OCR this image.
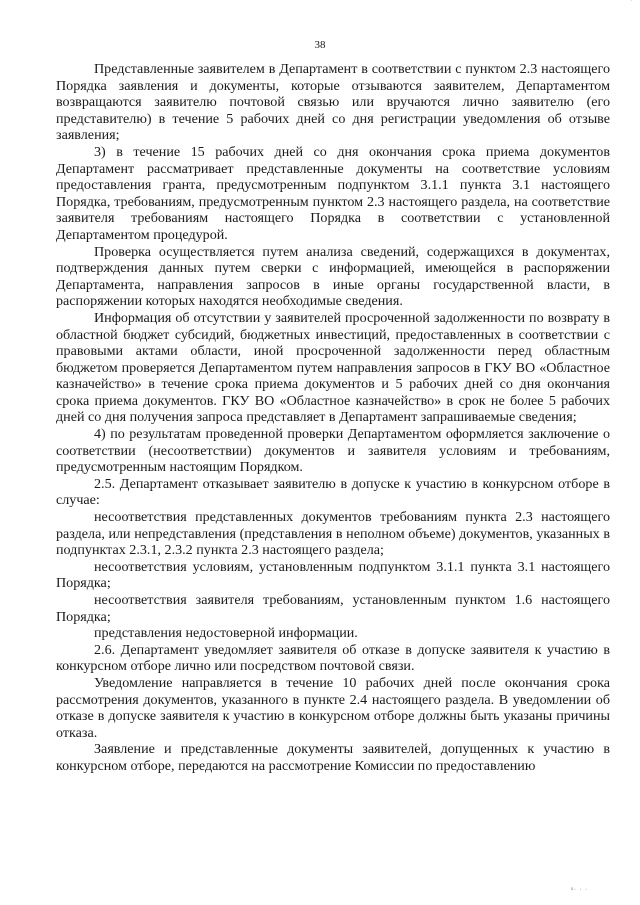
'
38

Представленные заявителем в Департамент в соответствии с пунктом 2.3 настоящего Порядка заявления и документы, которые отзываются заявителем, Департаментом возвращаются заявителю почтовой связью или вручаются лично заявителю (его представителю) в течение 5 рабочих дней со дня регистрации уведомления об отзыве заявления;

3) в течение 15 рабочих дней со дня окончания срока приема документов Департамент рассматривает представленные документы на соответствие условиям предоставления гранта, предусмотренным подпунктом 3.1.1 пункта 3.1 настоящего Порядка, требованиям, предусмотренным пунктом 2.3 настоящего раздела, на соответствие заявителя требованиям настоящего Порядка в соответствии с установленной Департаментом процедурой.

Проверка осуществляется путем анализа сведений, содержащихся в документах, подтверждения данных путем сверки с информацией, имеющейся в распоряжении Департамента, направления запросов в иные органы государственной власти, в распоряжении которых находятся необходимые сведения.

Информация об отсутствии у заявителей просроченной задолженности по возврату в областной бюджет субсидий, бюджетных инвестиций, предоставленных в соответствии с правовыми актами области, иной просроченной задолженности перед областным бюджетом проверяется Департаментом путем направления запросов в ГКУ ВО «Областное казначейство» в течение срока приема документов и 5 рабочих дней со дня окончания срока приема документов. ГКУ ВО «Областное казначейство» в срок не более 5 рабочих дней со дня получения запроса представляет в Департамент запрашиваемые сведения;

4) по результатам проведенной проверки Департаментом оформляется заключение о соответствии (несоответствии) документов и заявителя условиям и требованиям, предусмотренным настоящим Порядком.

2.5. Департамент отказывает заявителю в допуске к участию в конкурсном отборе в случае:

несоответствия представленных документов требованиям пункта 2.3 настоящего раздела, или непредставления (представления в неполном объеме) документов, указанных в подпунктах 2.3.1, 2.3.2 пункта 2.3 настоящего раздела;

несоответствия условиям, установленным подпунктом 3.1.1 пункта 3.1 настоящего Порядка;

несоответствия заявителя требованиям, установленным пунктом 1.6 настоящего Порядка;

представления недостоверной информации.

2.6. Департамент уведомляет заявителя об отказе в допуске заявителя к участию в конкурсном отборе лично или посредством почтовой связи.

Уведомление направляется в течение 10 рабочих дней после окончания срока рассмотрения документов, указанного в пункте 2.4 настоящего раздела. В уведомлении об отказе в допуске заявителя к участию в конкурсном отборе должны быть указаны причины отказа.

Заявление и представленные документы заявителей, допущенных к участию в конкурсном отборе, передаются на рассмотрение Комиссии по предоставлению

ᵍ· · ·
